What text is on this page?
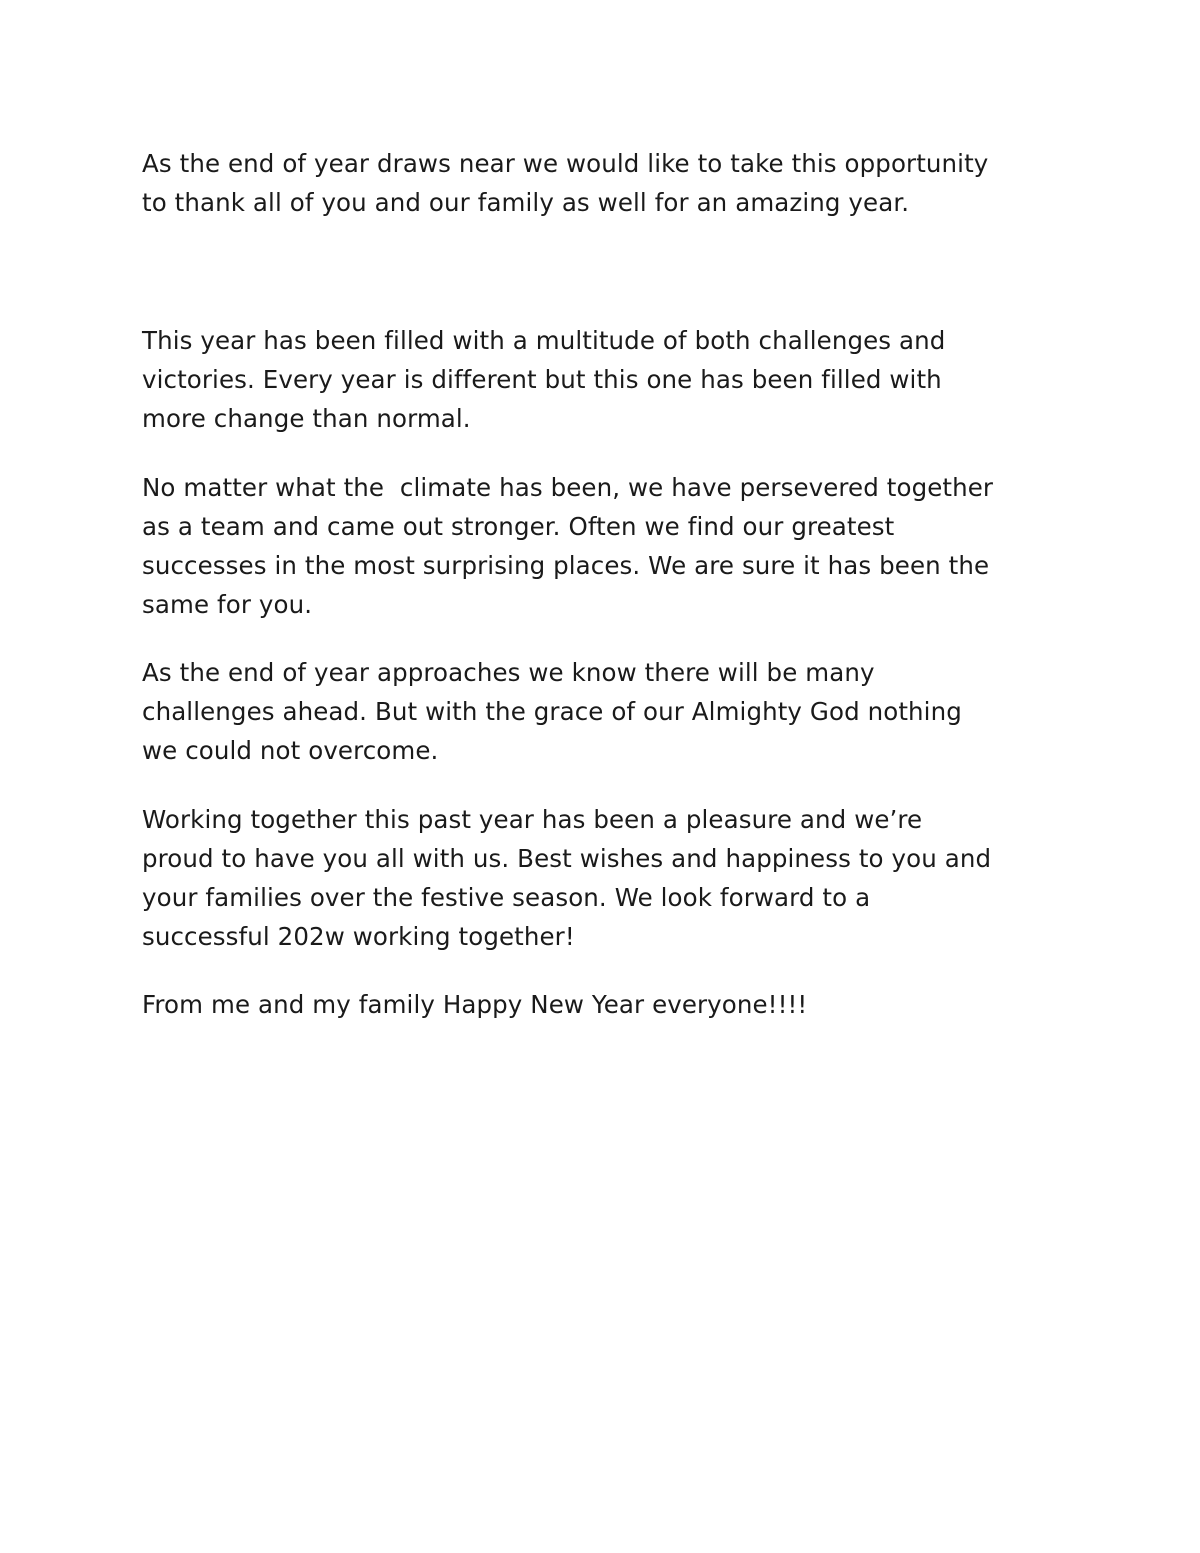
As the end of year draws near we would like to take this opportunity
to thank all of you and our family as well for an amazing year.

This year has been filled with a multitude of both challenges and
victories. Every year is different but this one has been filled with
more change than normal.

No matter what the  climate has been, we have persevered together
as a team and came out stronger. Often we find our greatest
successes in the most surprising places. We are sure it has been the
same for you.

As the end of year approaches we know there will be many
challenges ahead. But with the grace of our Almighty God nothing
we could not overcome.

Working together this past year has been a pleasure and we’re
proud to have you all with us. Best wishes and happiness to you and
your families over the festive season. We look forward to a
successful 202w working together!

From me and my family Happy New Year everyone!!!!
